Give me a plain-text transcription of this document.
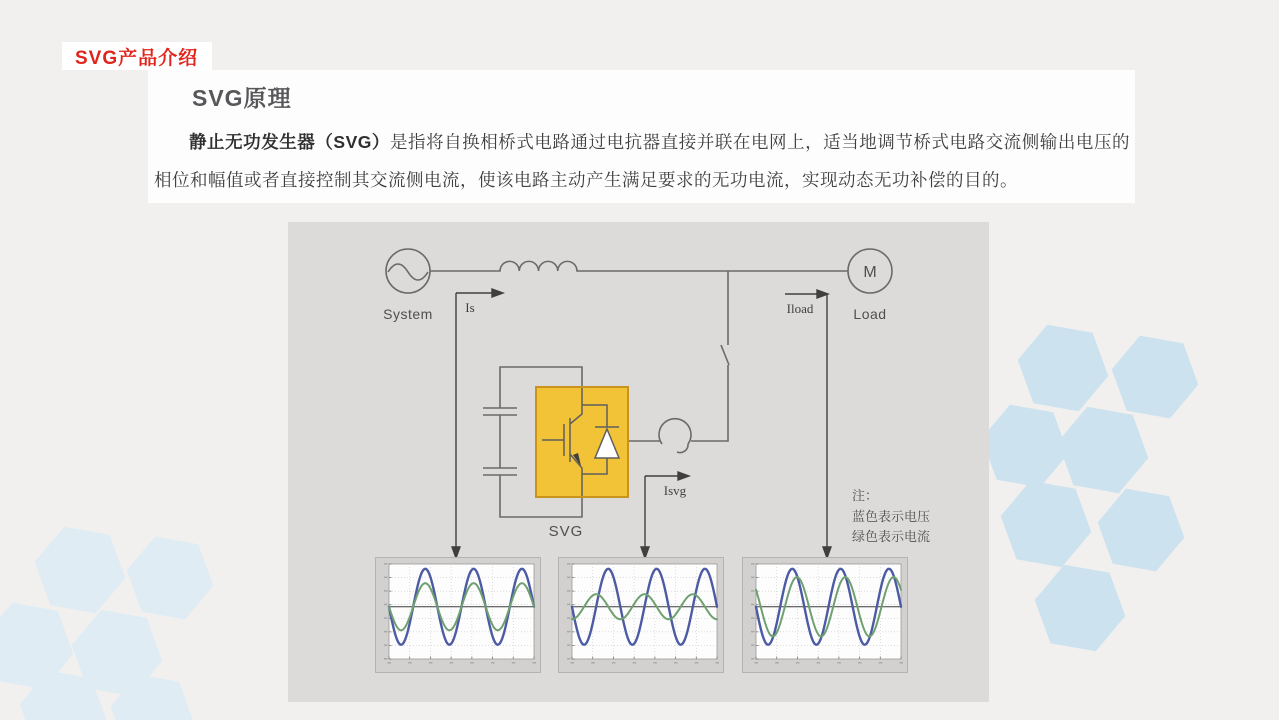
SVG产品介绍
SVG原理

静止无功发生器（SVG）是指将自换相桥式电路通过电抗器直接并联在电网上，适当地调节桥式电路交流侧输出电压的相位和幅值或者直接控制其交流侧电流，使该电路主动产生满足要求的无功电流，实现动态无功补偿的目的。

M
System	Load
Is
Isvg
Iload
SVG
注：
蓝色表示电压
绿色表示电流
